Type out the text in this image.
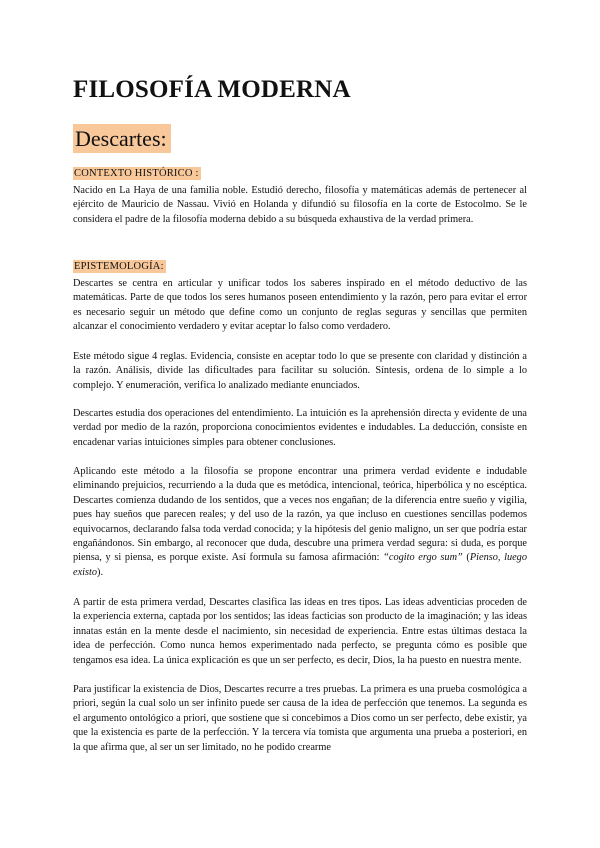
FILOSOFÍA MODERNA
Descartes:
CONTEXTO HISTÓRICO :

Nacido en La Haya de una familia noble. Estudió derecho, filosofía y matemáticas además de pertenecer al ejército de Mauricio de Nassau. Vivió en Holanda y difundió su filosofía en la corte de Estocolmo. Se le considera el padre de la filosofía moderna debido a su búsqueda exhaustiva de la verdad primera.

EPISTEMOLOGÍA:

Descartes se centra en articular y unificar todos los saberes inspirado en el método deductivo de las matemáticas. Parte de que todos los seres humanos poseen entendimiento y la razón, pero para evitar el error es necesario seguir un método que define como un conjunto de reglas seguras y sencillas que permiten alcanzar el conocimiento verdadero y evitar aceptar lo falso como verdadero.

Este método sigue 4 reglas. Evidencia, consiste en aceptar todo lo que se presente con claridad y distinción a la razón. Análisis, divide las dificultades para facilitar su solución. Síntesis, ordena de lo simple a lo complejo. Y enumeración, verifica lo analizado mediante enunciados.

Descartes estudia dos operaciones del entendimiento. La intuición es la aprehensión directa y evidente de una verdad por medio de la razón, proporciona conocimientos evidentes e indudables. La deducción, consiste en encadenar varias intuiciones simples para obtener conclusiones.

Aplicando este método a la filosofía se propone encontrar una primera verdad evidente e indudable eliminando prejuicios, recurriendo a la duda que es metódica, intencional, teórica, hiperbólica y no escéptica. Descartes comienza dudando de los sentidos, que a veces nos engañan; de la diferencia entre sueño y vigilia, pues hay sueños que parecen reales; y del uso de la razón, ya que incluso en cuestiones sencillas podemos equivocarnos, declarando falsa toda verdad conocida; y la hipótesis del genio maligno, un ser que podría estar engañándonos. Sin embargo, al reconocer que duda, descubre una primera verdad segura: si duda, es porque piensa, y si piensa, es porque existe. Así formula su famosa afirmación: “cogito ergo sum” (Pienso, luego existo).

A partir de esta primera verdad, Descartes clasifica las ideas en tres tipos. Las ideas adventicias proceden de la experiencia externa, captada por los sentidos; las ideas facticias son producto de la imaginación; y las ideas innatas están en la mente desde el nacimiento, sin necesidad de experiencia. Entre estas últimas destaca la idea de perfección. Como nunca hemos experimentado nada perfecto, se pregunta cómo es posible que tengamos esa idea. La única explicación es que un ser perfecto, es decir, Dios, la ha puesto en nuestra mente.

Para justificar la existencia de Dios, Descartes recurre a tres pruebas. La primera es una prueba cosmológica a priori, según la cual solo un ser infinito puede ser causa de la idea de perfección que tenemos. La segunda es el argumento ontológico a priori, que sostiene que si concebimos a Dios como un ser perfecto, debe existir, ya que la existencia es parte de la perfección. Y la tercera vía tomista que argumenta una prueba a posteriori, en la que afirma que, al ser un ser limitado, no he podido crearme
